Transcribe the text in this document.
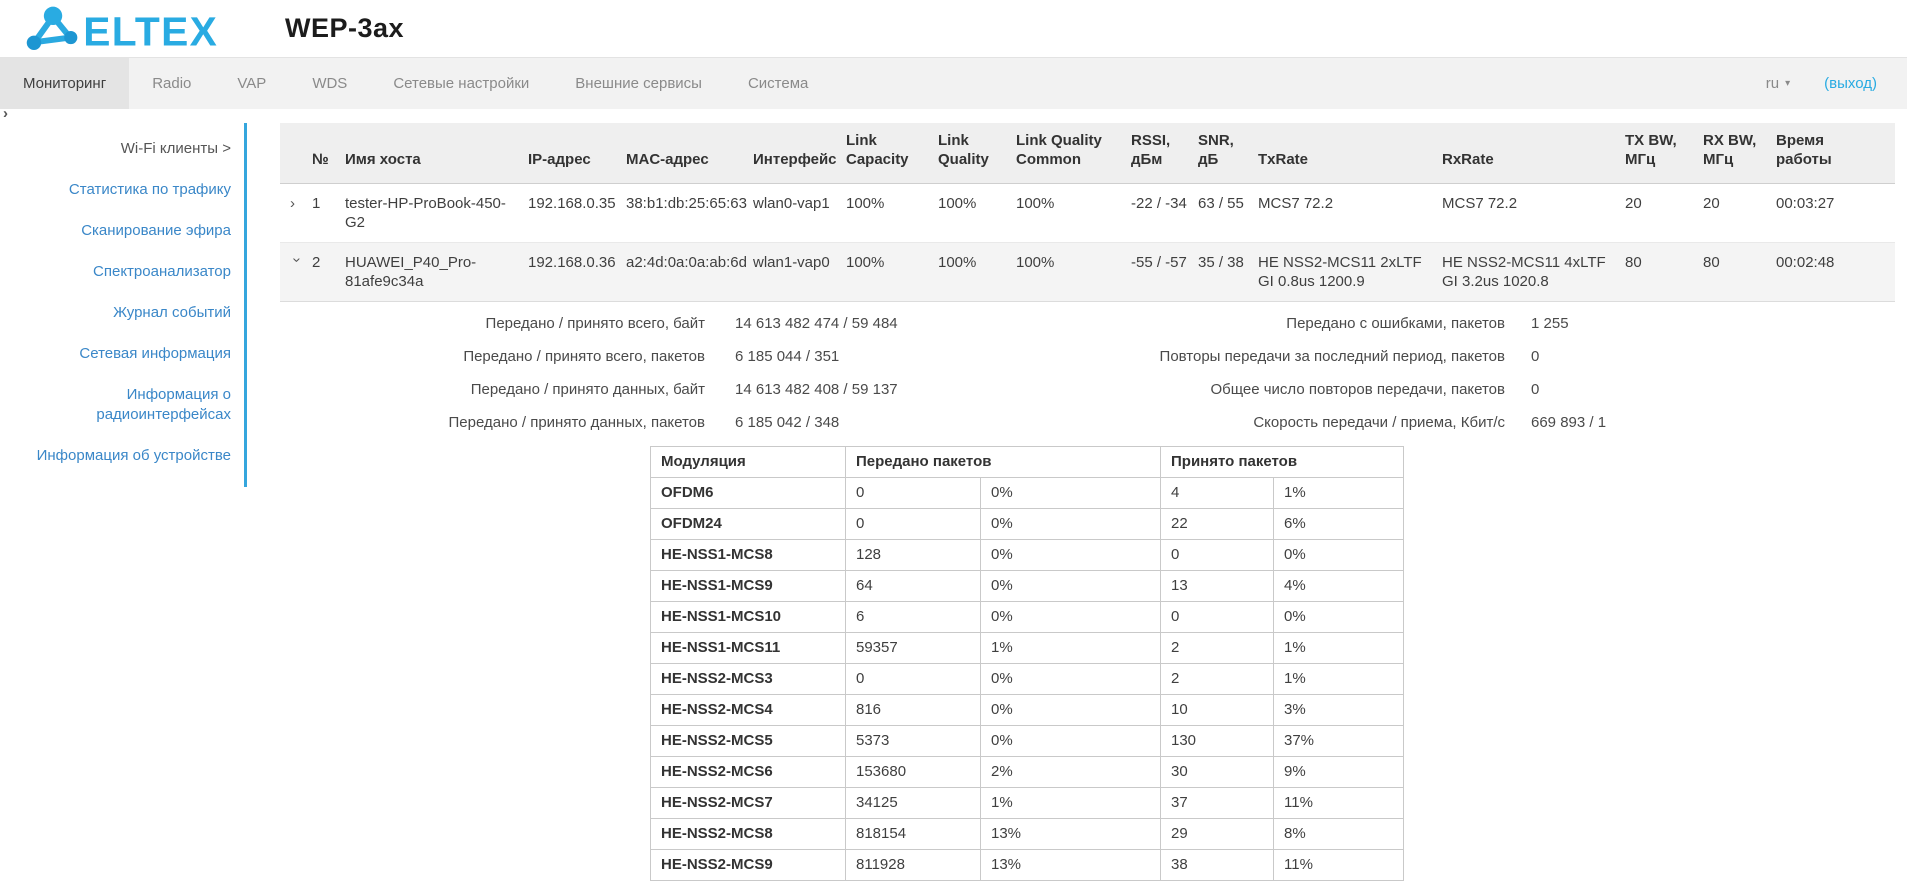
ELTEX WEP-3ax
Мониторинг	Radio	VAP	WDS	Сетевые настройки	Внешние сервисы	Система	ru ▾ (выход)
›
Wi-Fi клиенты >
Статистика по трафику
Сканирование эфира
Спектроанализатор
Журнал событий
Сетевая информация
Информация о радиоинтерфейсах
Информация об устройстве
	№	Имя хоста	IP-адрес	MAC-адрес	Интерфейс	Link Capacity	Link Quality	Link Quality Common	RSSI, дБм	SNR, дБ	TxRate	RxRate	TX BW, МГц	RX BW, МГц	Время работы
›	1	tester-HP-ProBook-450-G2	192.168.0.35	38:b1:db:25:65:63	wlan0-vap1	100%	100%	100%	-22 / -34	63 / 55	MCS7 72.2	MCS7 72.2	20	20	00:03:27
›	2	HUAWEI_P40_Pro-81afe9c34a	192.168.0.36	a2:4d:0a:0a:ab:6d	wlan1-vap0	100%	100%	100%	-55 / -57	35 / 38	HE NSS2-MCS11 2xLTF GI 0.8us 1200.9	HE NSS2-MCS11 4xLTF GI 3.2us 1020.8	80	80	00:02:48
Передано / принято всего, байт	14 613 482 474 / 59 484
Передано / принято всего, пакетов	6 185 044 / 351
Передано / принято данных, байт	14 613 482 408 / 59 137
Передано / принято данных, пакетов	6 185 042 / 348
Передано с ошибками, пакетов	1 255
Повторы передачи за последний период, пакетов	0
Общее число повторов передачи, пакетов	0
Скорость передачи / приема, Кбит/с	669 893 / 1
Модуляция	Передано пакетов		Принято пакетов	
OFDM6	0	0%	4	1%
OFDM24	0	0%	22	6%
HE-NSS1-MCS8	128	0%	0	0%
HE-NSS1-MCS9	64	0%	13	4%
HE-NSS1-MCS10	6	0%	0	0%
HE-NSS1-MCS11	59357	1%	2	1%
HE-NSS2-MCS3	0	0%	2	1%
HE-NSS2-MCS4	816	0%	10	3%
HE-NSS2-MCS5	5373	0%	130	37%
HE-NSS2-MCS6	153680	2%	30	9%
HE-NSS2-MCS7	34125	1%	37	11%
HE-NSS2-MCS8	818154	13%	29	8%
HE-NSS2-MCS9	811928	13%	38	11%
